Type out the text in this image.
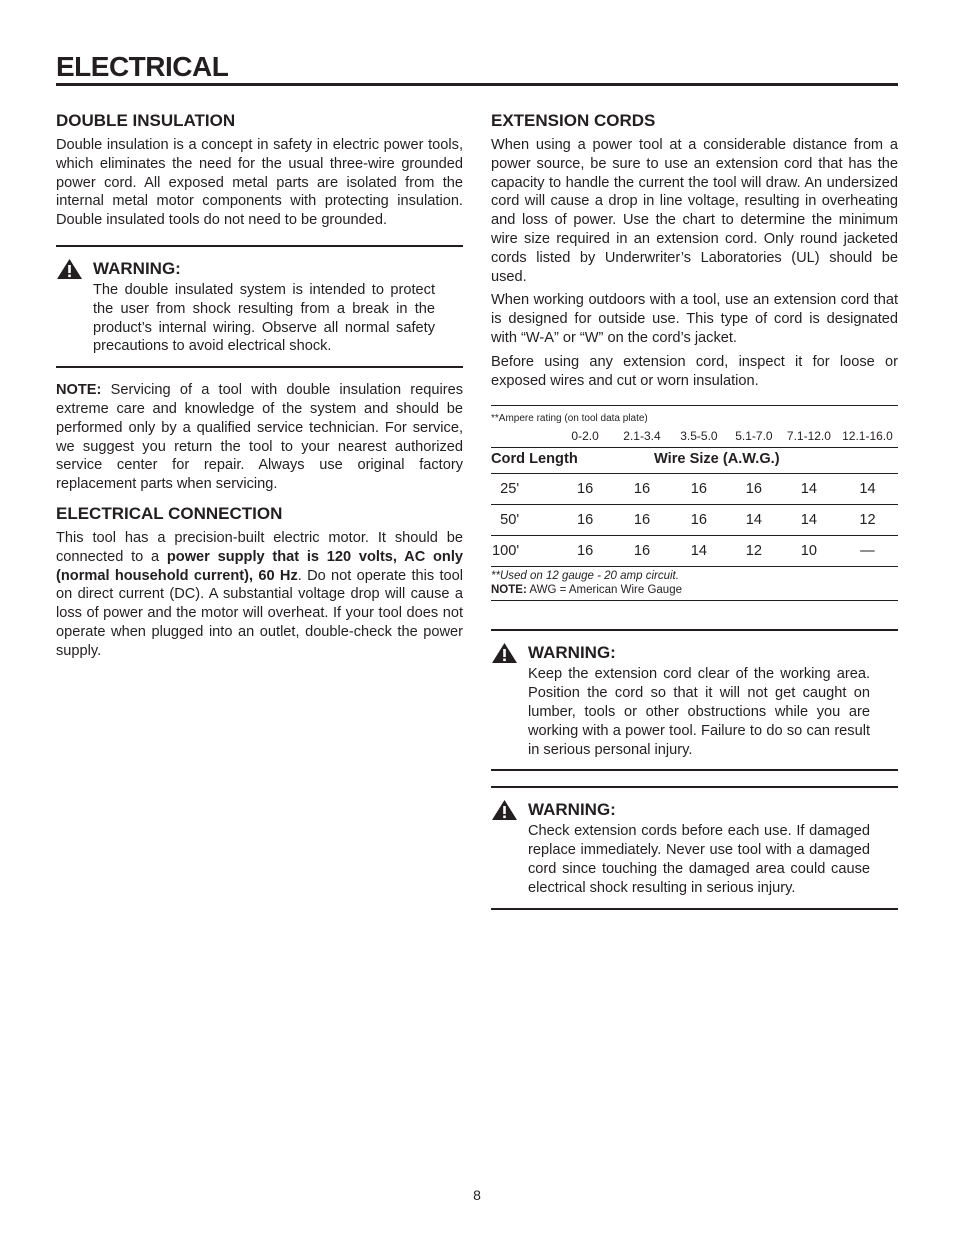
ELECTRICAL
DOUBLE INSULATION

Double insulation is a concept in safety in electric power tools, which eliminates the need for the usual three-wire grounded power cord. All exposed metal parts are isolated from the internal metal motor components with protecting insulation. Double insulated tools do not need to be grounded.

WARNING:
The double insulated system is intended to protect the user from shock resulting from a break in the product’s internal wiring. Observe all normal safety precautions to avoid electrical shock.

NOTE: Servicing of a tool with double insulation requires extreme care and knowledge of the system and should be performed only by a qualified service technician. For service, we suggest you return the tool to your nearest authorized service center for repair. Always use original factory replacement parts when servicing.

ELECTRICAL CONNECTION

This tool has a precision-built electric motor. It should be connected to a power supply that is 120 volts, AC only (normal household current), 60 Hz. Do not operate this tool on direct current (DC). A substantial voltage drop will cause a loss of power and the motor will overheat. If your tool does not operate when plugged into an outlet, double-check the power supply.

EXTENSION CORDS

When using a power tool at a considerable distance from a power source, be sure to use an extension cord that has the capacity to handle the current the tool will draw. An undersized cord will cause a drop in line voltage, resulting in overheating and loss of power. Use the chart to determine the minimum wire size required in an extension cord. Only round jacketed cords listed by Underwriter’s Laboratories (UL) should be used.

When working outdoors with a tool, use an extension cord that is designed for outside use. This type of cord is designated with “W-A” or “W” on the cord’s jacket.

Before using any extension cord, inspect it for loose or exposed wires and cut or worn insulation.

**Ampere rating (on tool data plate)
	0-2.0	2.1-3.4	3.5-5.0	5.1-7.0	7.1-12.0	12.1-16.0
Cord Length		Wire Size (A.W.G.)				
25'	16	16	16	16	14	14
50'	16	16	16	14	14	12
100'	16	16	14	12	10	—
**Used on 12 gauge - 20 amp circuit.
NOTE: AWG = American Wire Gauge
WARNING:
Keep the extension cord clear of the working area. Position the cord so that it will not get caught on lumber, tools or other obstructions while you are working with a power tool. Failure to do so can result in serious personal injury.
WARNING:
Check extension cords before each use. If damaged replace immediately. Never use tool with a damaged cord since touching the damaged area could cause electrical shock resulting in serious injury.
8
